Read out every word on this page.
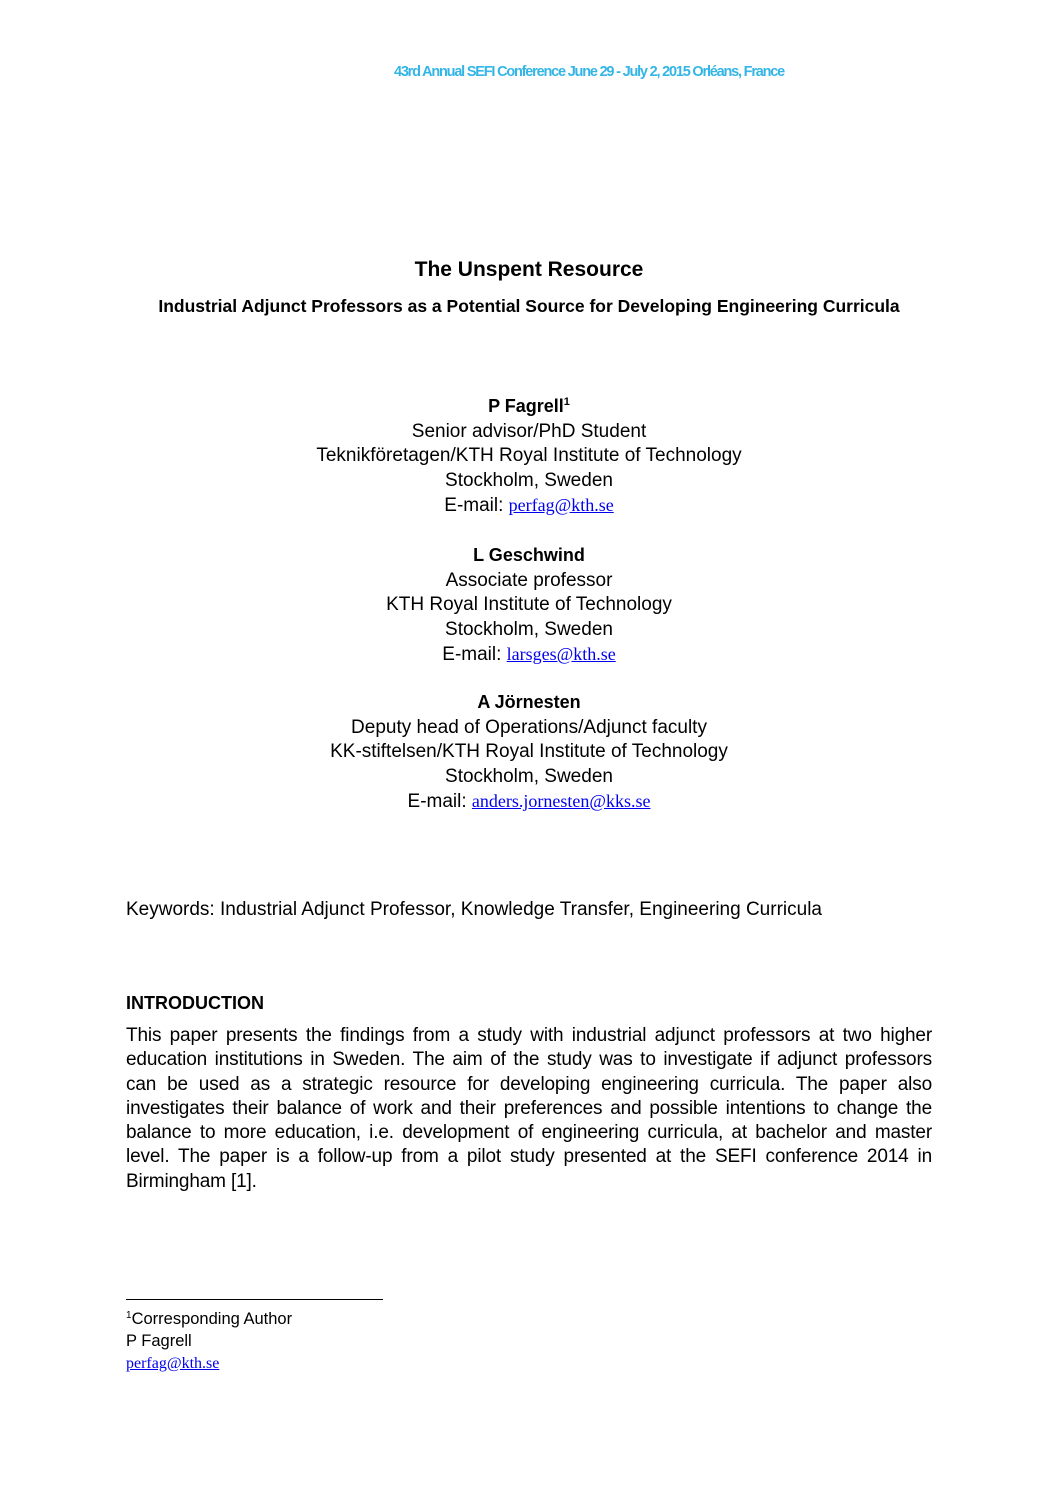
43rd Annual SEFI Conference June 29 - July 2, 2015 Orléans, France
The Unspent Resource
Industrial Adjunct Professors as a Potential Source for Developing Engineering Curricula
P Fagrell$^1$
Senior advisor/PhD Student
Teknikföretagen/KTH Royal Institute of Technology
Stockholm, Sweden
E-mail: perfag@kth.se
L Geschwind
Associate professor
KTH Royal Institute of Technology
Stockholm, Sweden
E-mail: larsges@kth.se
A Jörnesten
Deputy head of Operations/Adjunct faculty
KK-stiftelsen/KTH Royal Institute of Technology
Stockholm, Sweden
E-mail: anders.jornesten@kks.se
Keywords: Industrial Adjunct Professor, Knowledge Transfer, Engineering Curricula
INTRODUCTION
This paper presents the findings from a study with industrial adjunct professors at two higher education institutions in Sweden. The aim of the study was to investigate if adjunct professors can be used as a strategic resource for developing engineering curricula. The paper also investigates their balance of work and their preferences and possible intentions to change the balance to more education, i.e. development of engineering curricula, at bachelor and master level. The paper is a follow-up from a pilot study presented at the SEFI conference 2014 in Birmingham [1].
$^1$Corresponding Author
P Fagrell
perfag@kth.se
